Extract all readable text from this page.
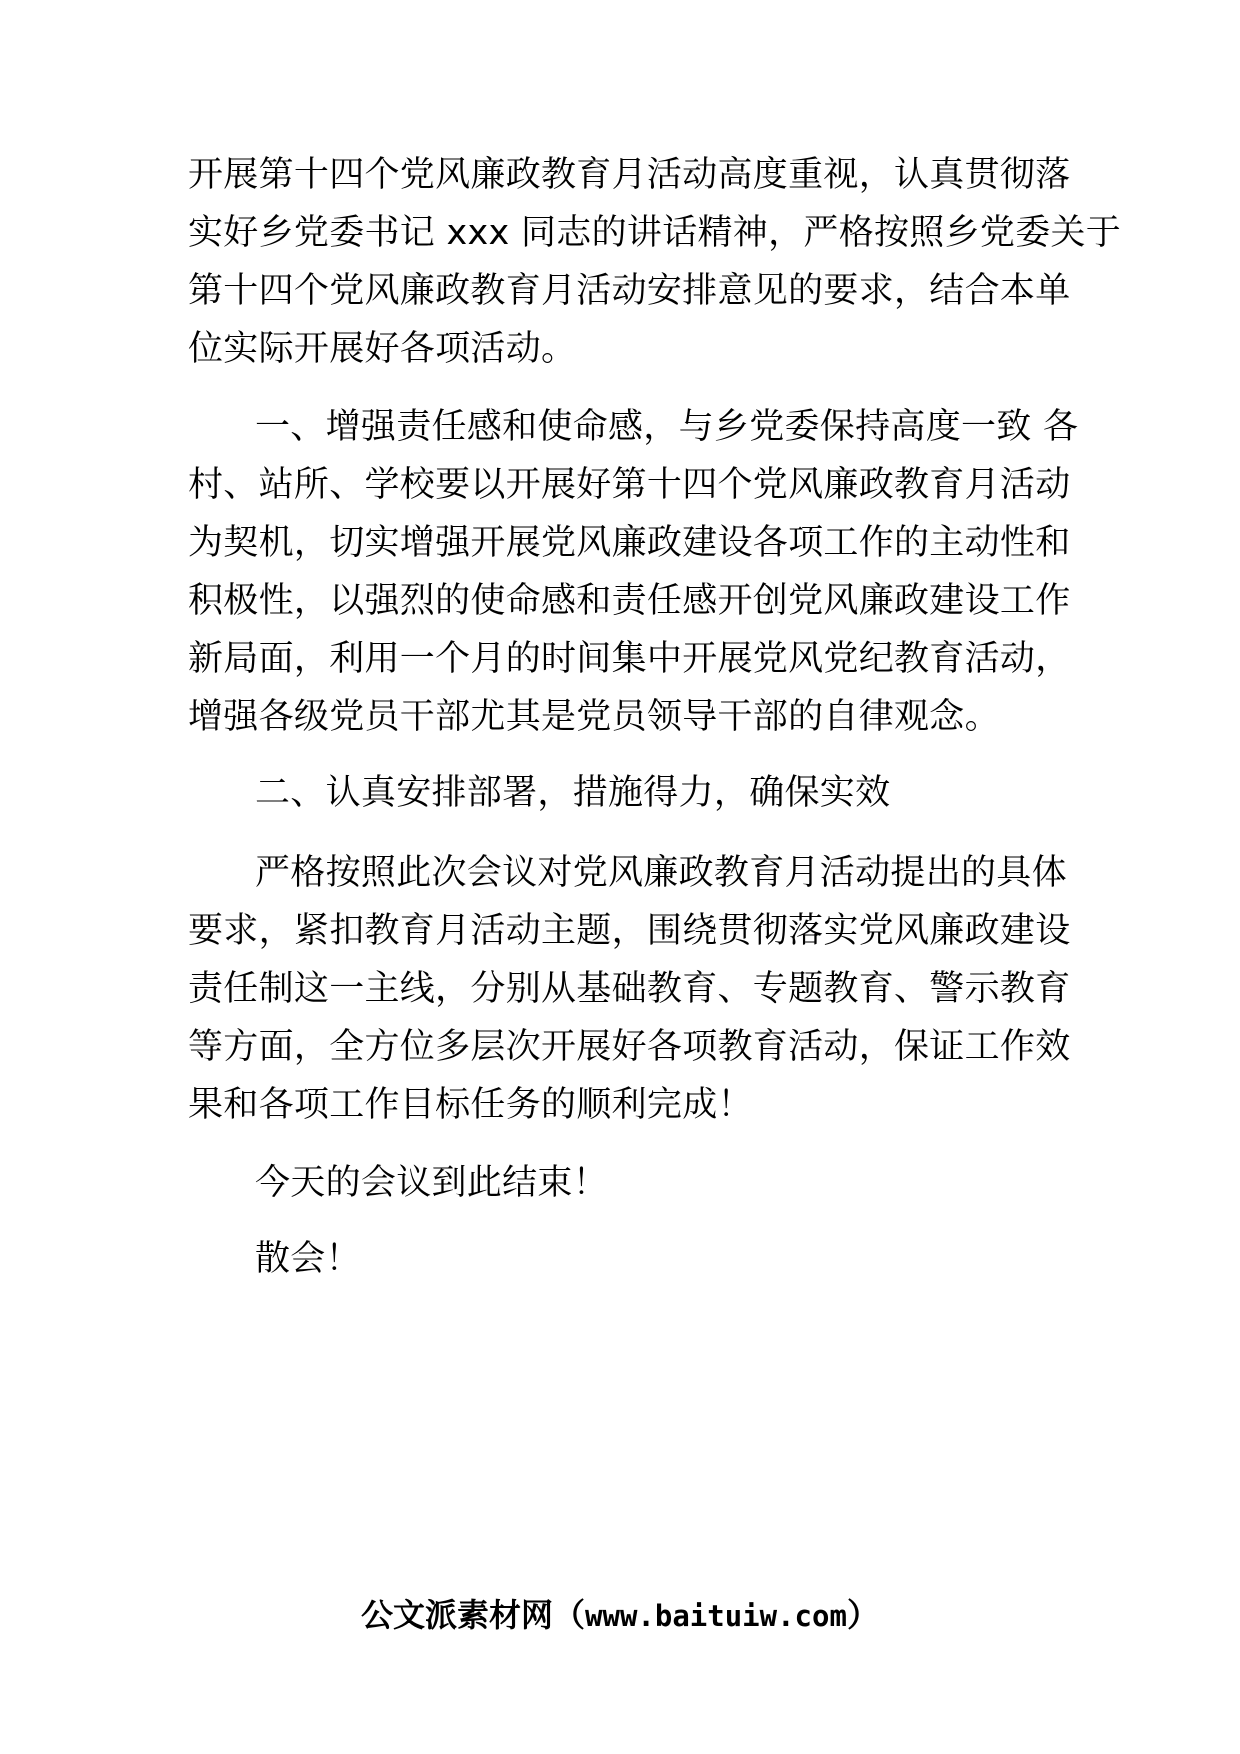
开展第十四个党风廉政教育月活动高度重视，认真贯彻落
实好乡党委书记 xxx 同志的讲话精神，严格按照乡党委关于
第十四个党风廉政教育月活动安排意见的要求，结合本单
位实际开展好各项活动。
一、增强责任感和使命感，与乡党委保持高度一致 各
村、站所、学校要以开展好第十四个党风廉政教育月活动
为契机，切实增强开展党风廉政建设各项工作的主动性和
积极性，以强烈的使命感和责任感开创党风廉政建设工作
新局面，利用一个月的时间集中开展党风党纪教育活动，
增强各级党员干部尤其是党员领导干部的自律观念。
二、认真安排部署，措施得力，确保实效
严格按照此次会议对党风廉政教育月活动提出的具体
要求，紧扣教育月活动主题，围绕贯彻落实党风廉政建设
责任制这一主线，分别从基础教育、专题教育、警示教育
等方面，全方位多层次开展好各项教育活动，保证工作效
果和各项工作目标任务的顺利完成！
今天的会议到此结束！
散会！
公文派素材网（www.baituiw.com）
